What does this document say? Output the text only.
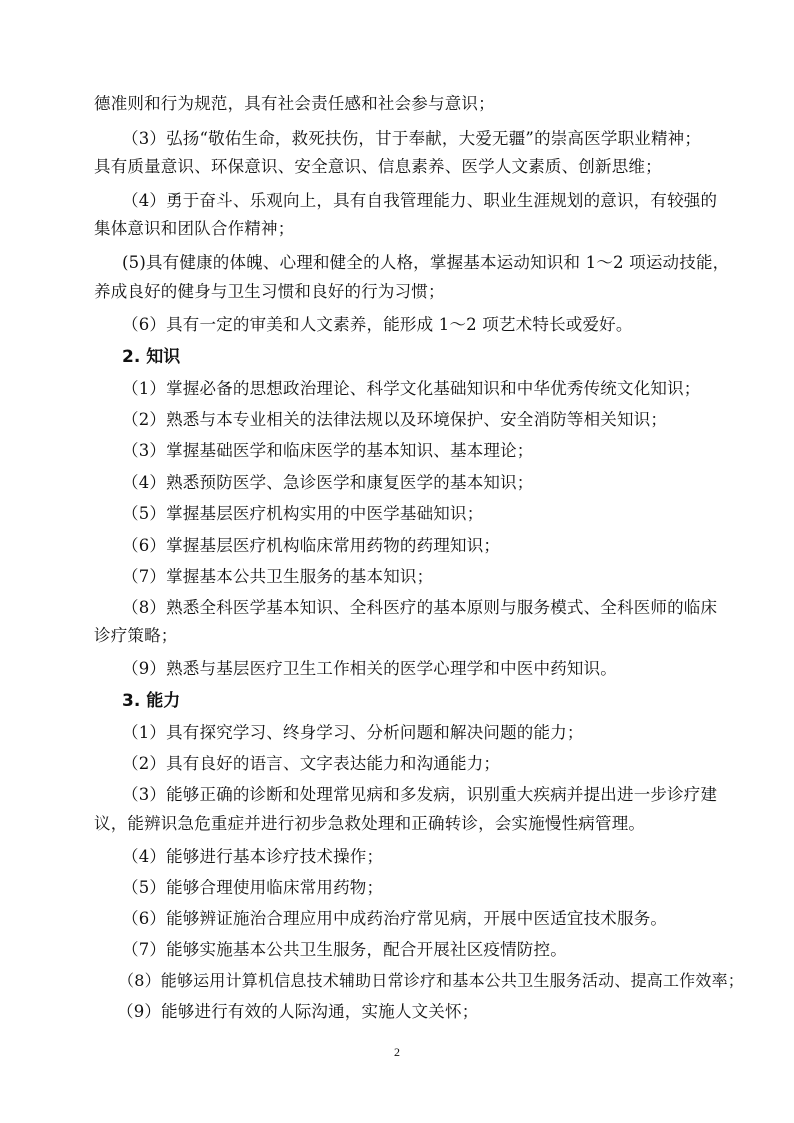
德准则和行为规范，具有社会责任感和社会参与意识；
（3）弘扬“敬佑生命，救死扶伤，甘于奉献，大爱无疆”的崇高医学职业精神；
具有质量意识、环保意识、安全意识、信息素养、医学人文素质、创新思维；
（4）勇于奋斗、乐观向上，具有自我管理能力、职业生涯规划的意识，有较强的
集体意识和团队合作精神；
(5)具有健康的体魄、心理和健全的人格，掌握基本运动知识和 1～2 项运动技能，
养成良好的健身与卫生习惯和良好的行为习惯；
（6）具有一定的审美和人文素养，能形成 1～2 项艺术特长或爱好。
2. 知识
（1）掌握必备的思想政治理论、科学文化基础知识和中华优秀传统文化知识；
（2）熟悉与本专业相关的法律法规以及环境保护、安全消防等相关知识；
（3）掌握基础医学和临床医学的基本知识、基本理论；
（4）熟悉预防医学、急诊医学和康复医学的基本知识；
（5）掌握基层医疗机构实用的中医学基础知识；
（6）掌握基层医疗机构临床常用药物的药理知识；
（7）掌握基本公共卫生服务的基本知识；
（8）熟悉全科医学基本知识、全科医疗的基本原则与服务模式、全科医师的临床
诊疗策略；
（9）熟悉与基层医疗卫生工作相关的医学心理学和中医中药知识。
3. 能力
（1）具有探究学习、终身学习、分析问题和解决问题的能力；
（2）具有良好的语言、文字表达能力和沟通能力；
（3）能够正确的诊断和处理常见病和多发病，识别重大疾病并提出进一步诊疗建
议，能辨识急危重症并进行初步急救处理和正确转诊，会实施慢性病管理。
（4）能够进行基本诊疗技术操作；
（5）能够合理使用临床常用药物；
（6）能够辨证施治合理应用中成药治疗常见病，开展中医适宜技术服务。
（7）能够实施基本公共卫生服务，配合开展社区疫情防控。
（8）能够运用计算机信息技术辅助日常诊疗和基本公共卫生服务活动、提高工作效率；
（9）能够进行有效的人际沟通，实施人文关怀；
2
